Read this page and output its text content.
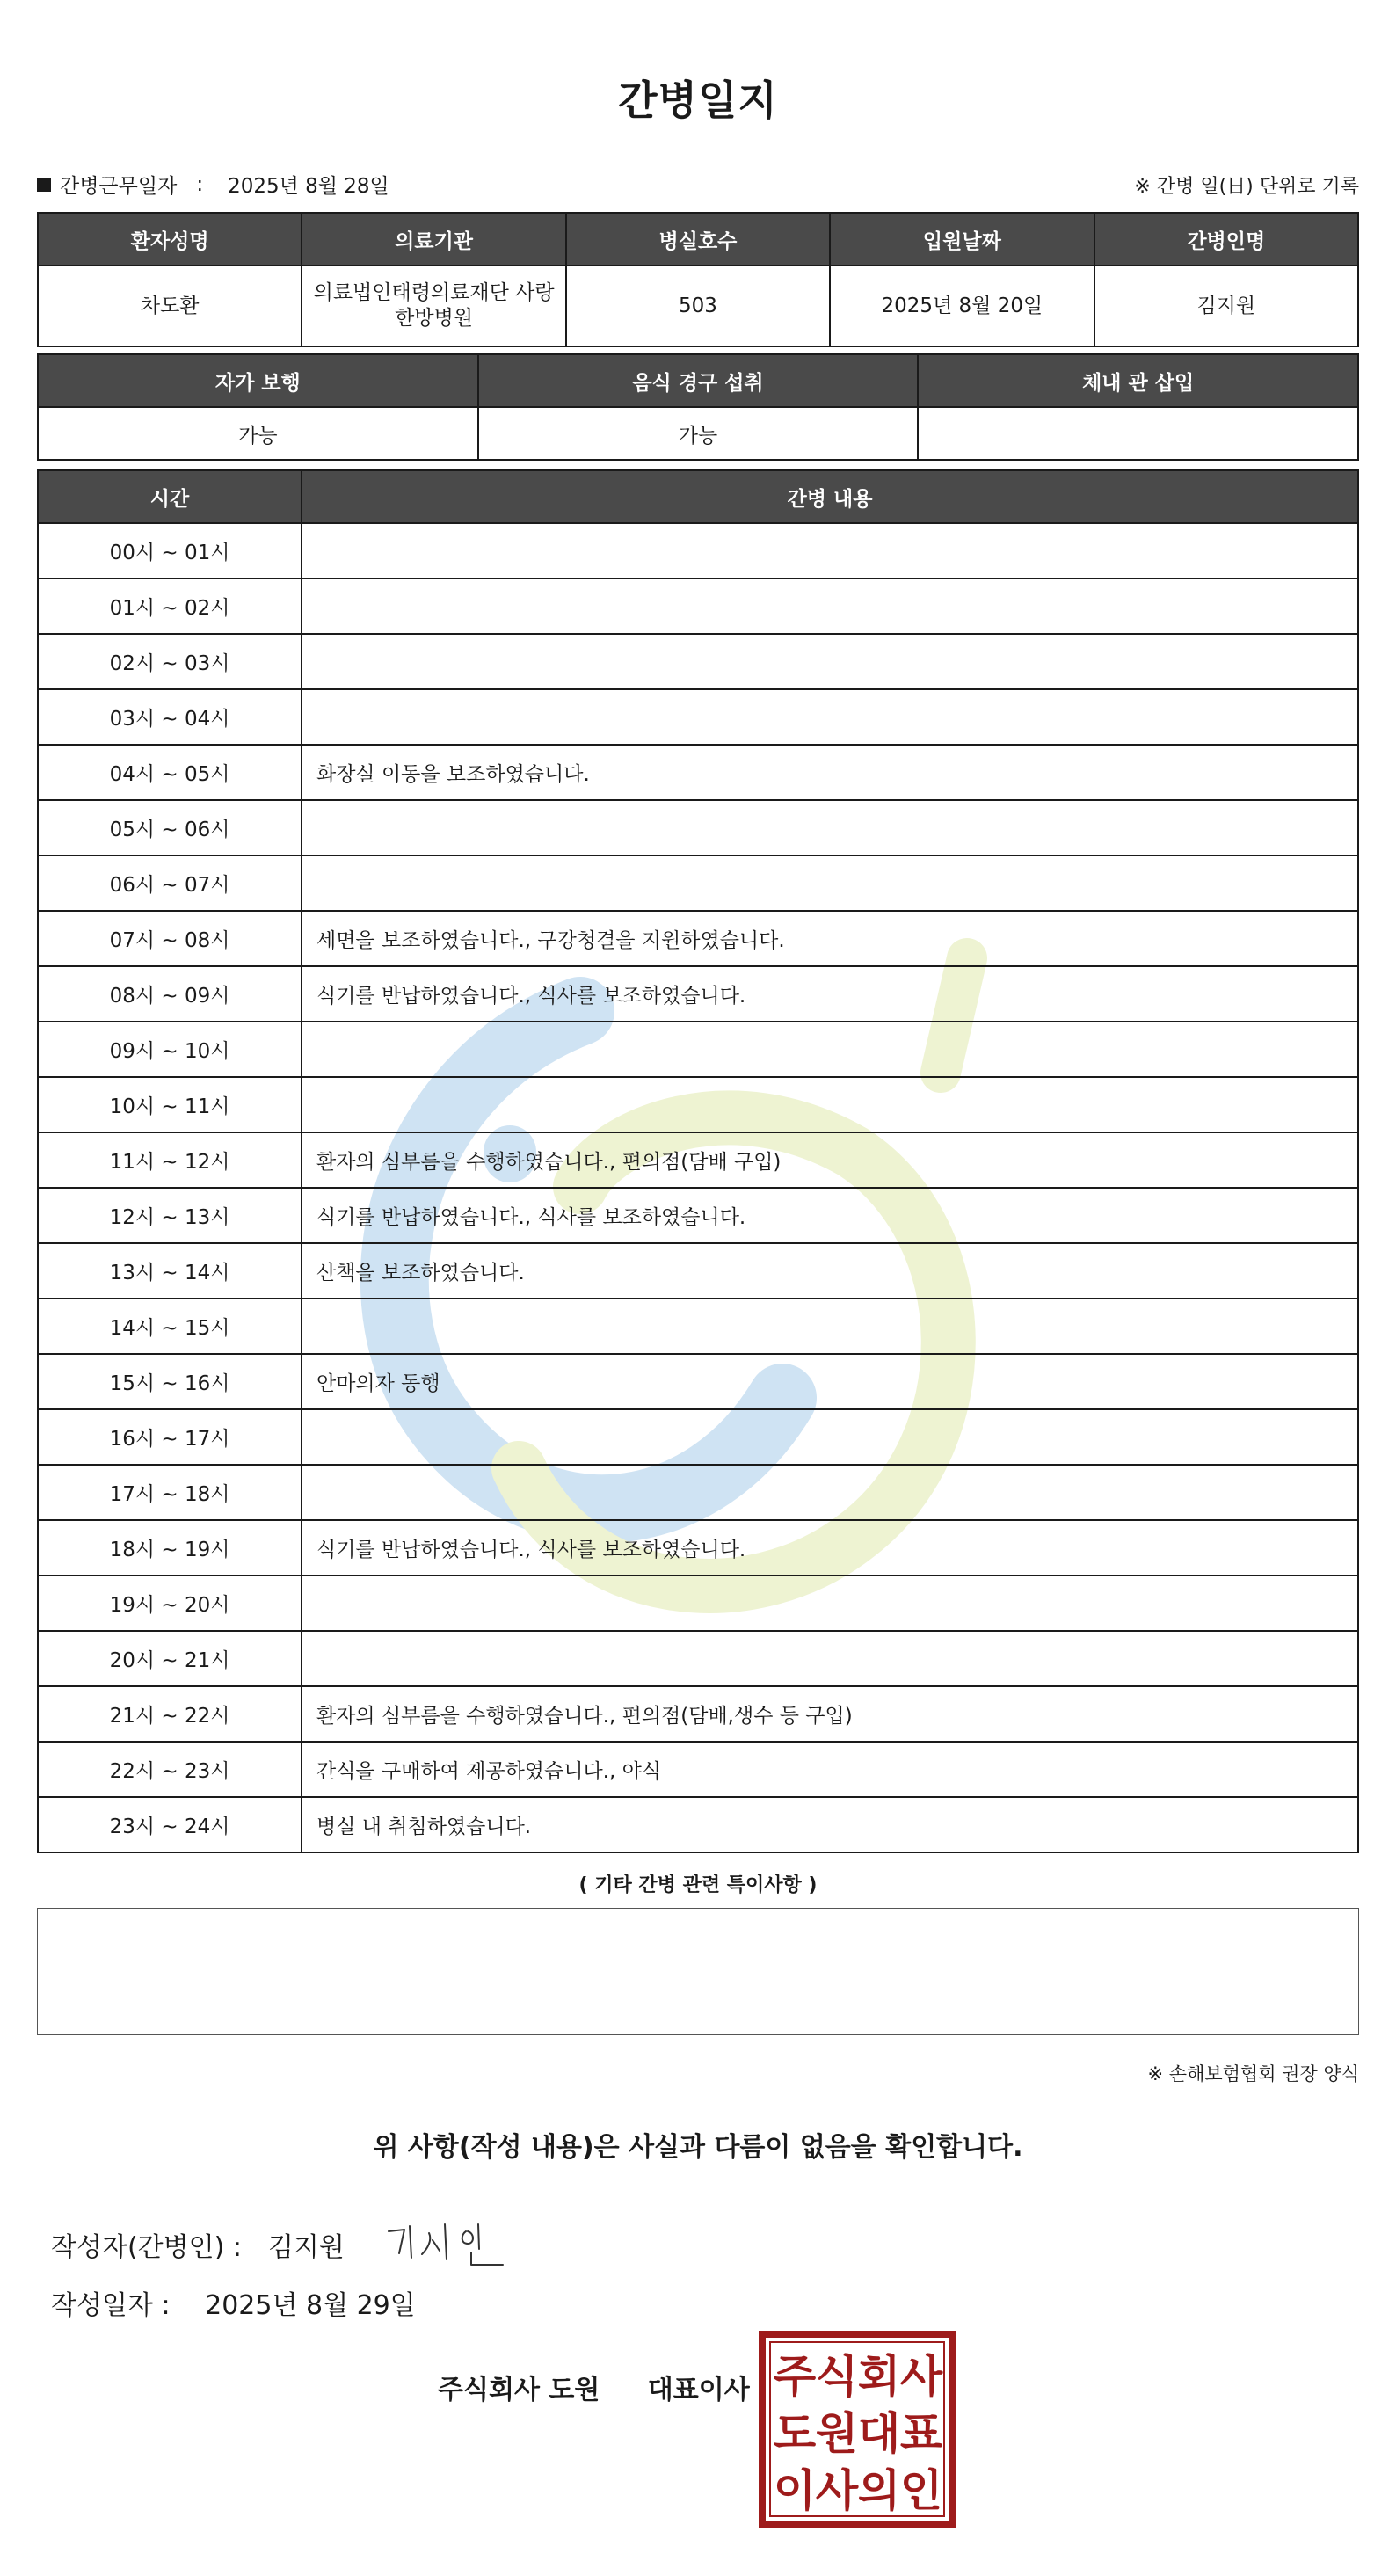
간병일지
간병근무일자 : 2025년 8월 28일	※ 간병 일(日) 단위로 기록
환자성명	의료기관	병실호수	입원날짜	간병인명
차도환	의료법인태령의료재단 사랑
한방병원	503	2025년 8월 20일	김지원
자가 보행	음식 경구 섭취	체내 관 삽입
가능	가능	
시간	간병 내용
00시 ~ 01시	
01시 ~ 02시	
02시 ~ 03시	
03시 ~ 04시	
04시 ~ 05시	화장실 이동을 보조하였습니다.
05시 ~ 06시	
06시 ~ 07시	
07시 ~ 08시	세면을 보조하였습니다., 구강청결을 지원하였습니다.
08시 ~ 09시	식기를 반납하였습니다., 식사를 보조하였습니다.
09시 ~ 10시	
10시 ~ 11시	
11시 ~ 12시	환자의 심부름을 수행하였습니다., 편의점(담배 구입)
12시 ~ 13시	식기를 반납하였습니다., 식사를 보조하였습니다.
13시 ~ 14시	산책을 보조하였습니다.
14시 ~ 15시	
15시 ~ 16시	안마의자 동행
16시 ~ 17시	
17시 ~ 18시	
18시 ~ 19시	식기를 반납하였습니다., 식사를 보조하였습니다.
19시 ~ 20시	
20시 ~ 21시	
21시 ~ 22시	환자의 심부름을 수행하였습니다., 편의점(담배,생수 등 구입)
22시 ~ 23시	간식을 구매하여 제공하였습니다., 야식
23시 ~ 24시	병실 내 취침하였습니다.
( 기타 간병 관련 특이사항 )
※ 손해보험협회 권장 양식
위 사항(작성 내용)은 사실과 다름이 없음을 확인합니다.
작성자(간병인) : 김지원
작성일자 : 2025년 8월 29일
주식회사 도원 대표이사 주 식 회 사
도 원 대 표
이 사 의 인
